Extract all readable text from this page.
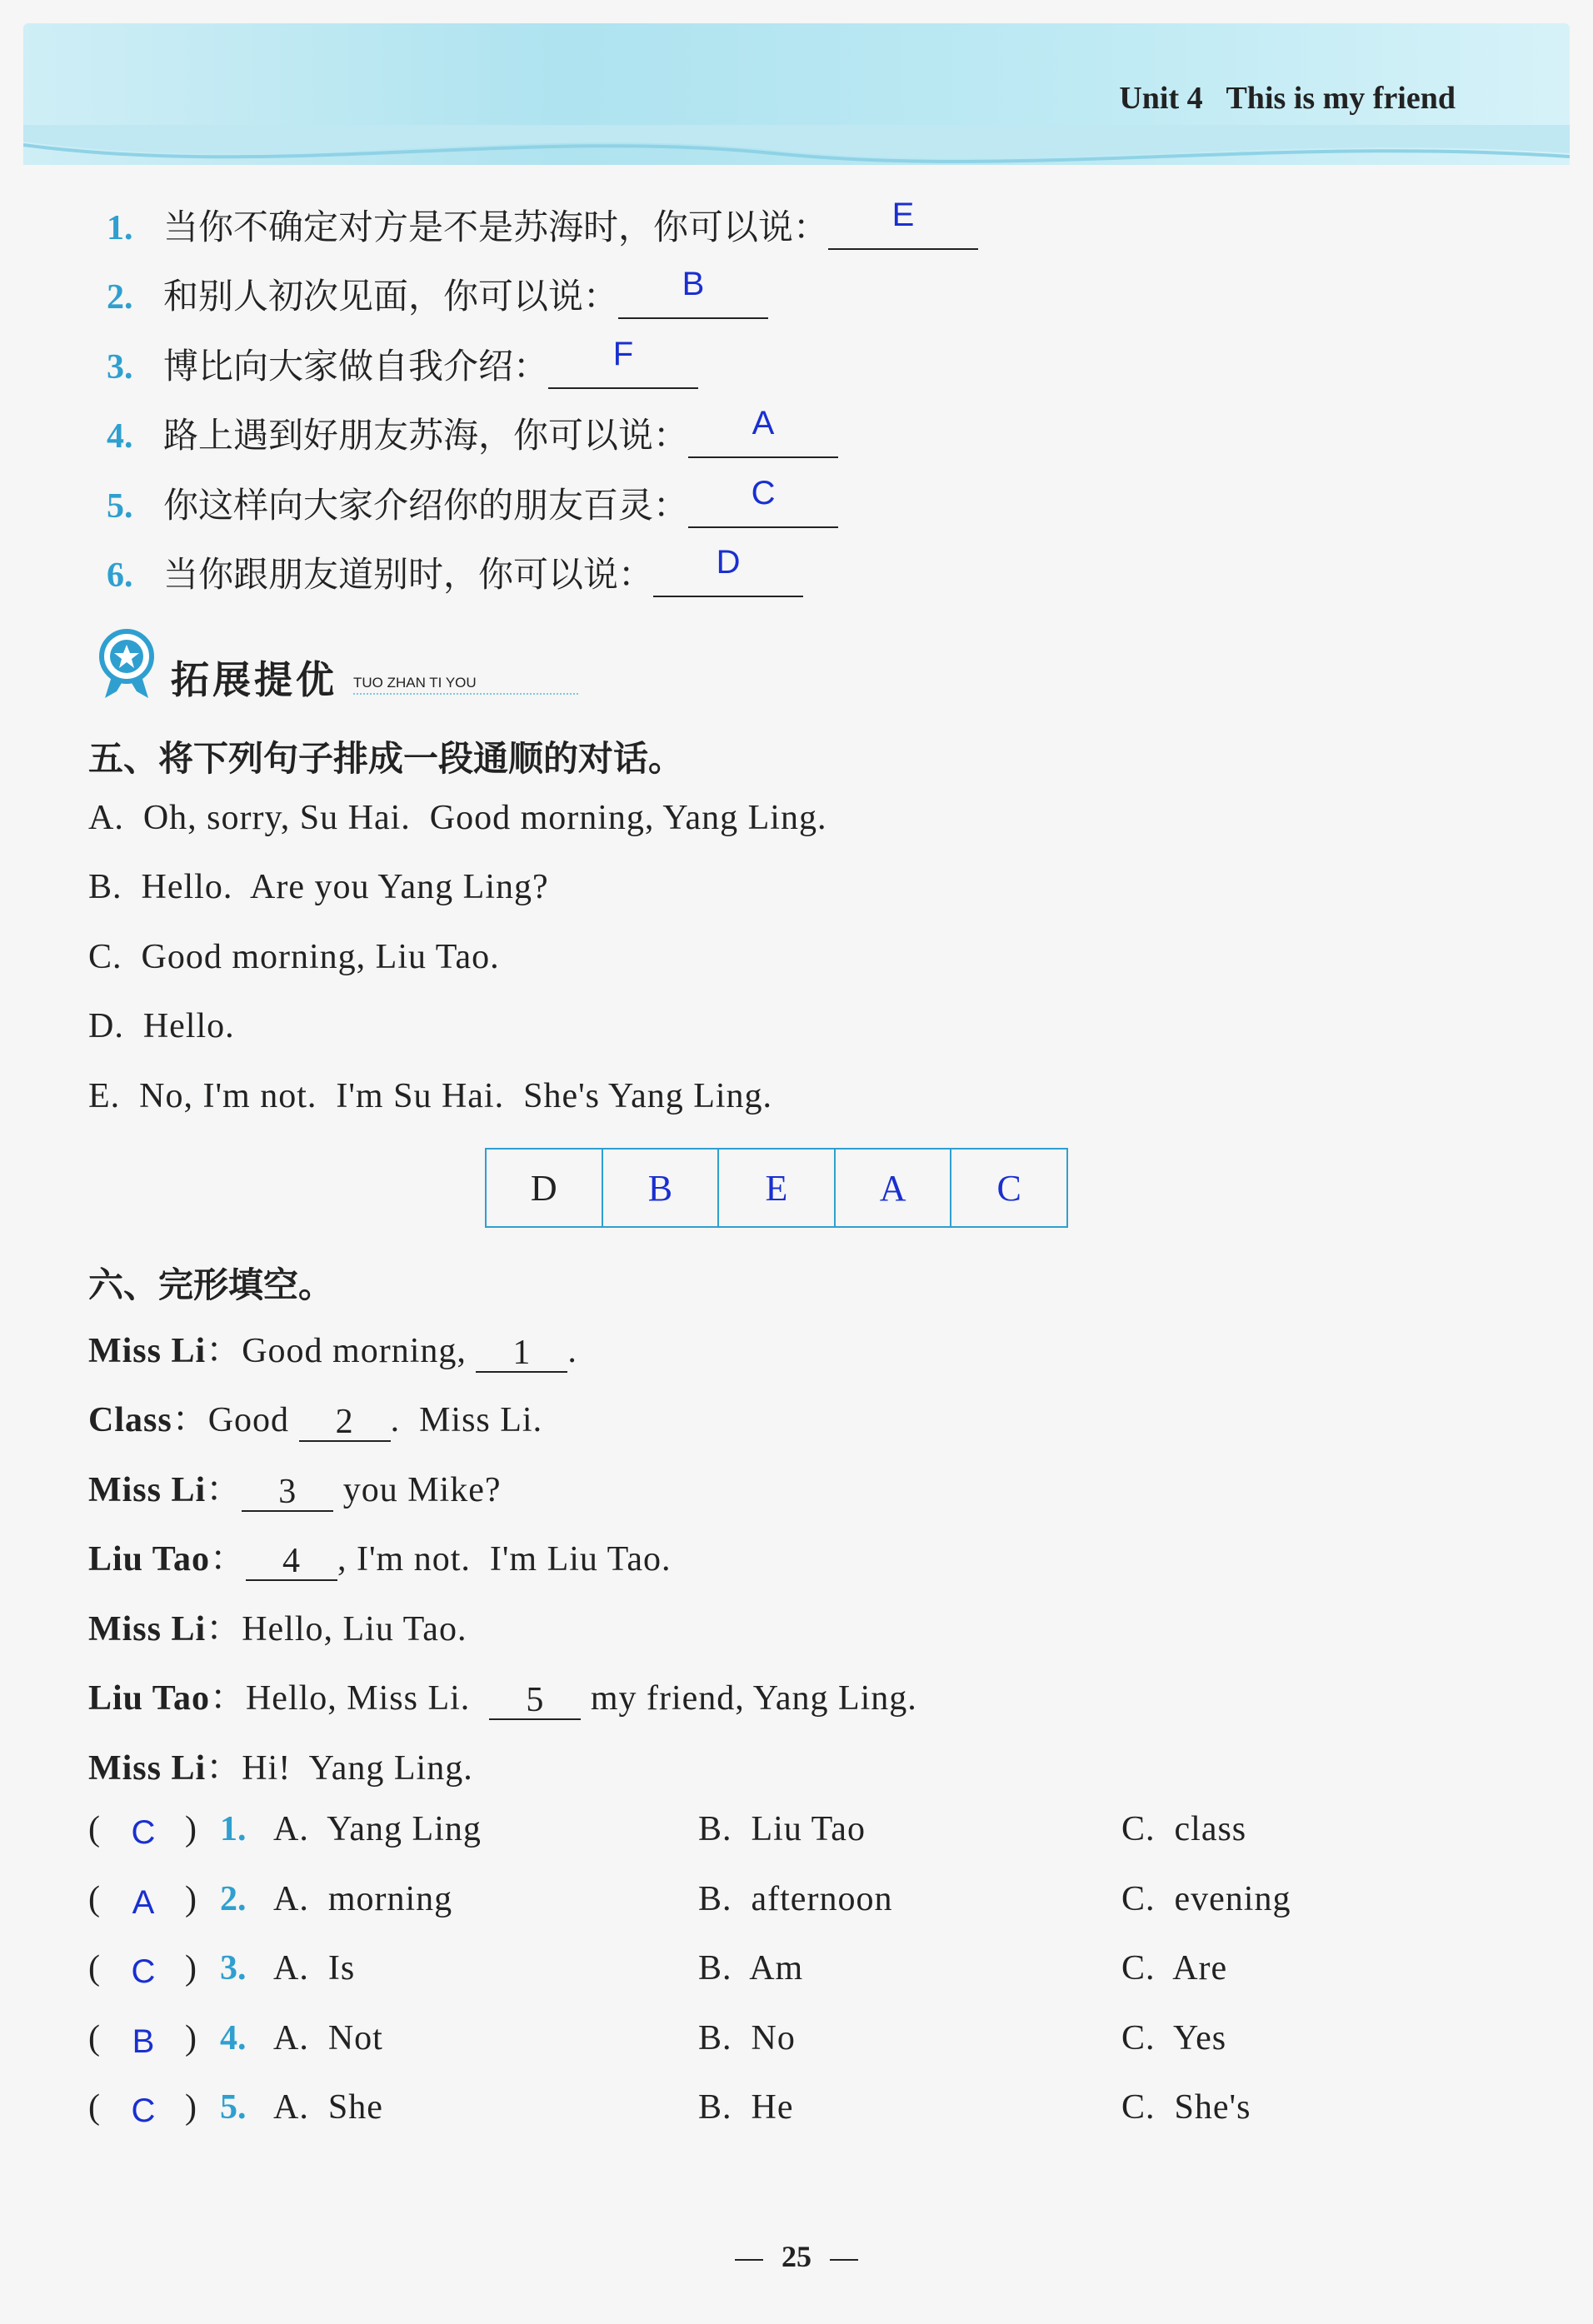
Unit 4   This is my friend
1. 当你不确定对方是不是苏海时，你可以说：	E
2. 和别人初次见面，你可以说：	B
3. 博比向大家做自我介绍：	F
4. 路上遇到好朋友苏海，你可以说：	A
5. 你这样向大家介绍你的朋友百灵：	C
6. 当你跟朋友道别时，你可以说：	D
拓展提优 TUO ZHAN TI YOU
五、将下列句子排成一段通顺的对话。
A.  Oh, sorry, Su Hai.  Good morning, Yang Ling.
B.  Hello.  Are you Yang Ling?
C.  Good morning, Liu Tao.
D.  Hello.
E.  No, I'm not.  I'm Su Hai.  She's Yang Ling.
D	B	E	A	C
六、完形填空。
Miss Li：Good morning, 1 .
Class：Good 2 .  Miss Li.
Miss Li： 3 you Mike?
Liu Tao： 4 , I'm not.  I'm Liu Tao.
Miss Li：Hello, Liu Tao.
Liu Tao：Hello, Miss Li.  5 my friend, Yang Ling.
Miss Li：Hi!  Yang Ling.
( C ) 1. A.  Yang Ling	B.  Liu Tao	C.  class
( A ) 2. A.  morning	B.  afternoon	C.  evening
( C ) 3. A.  Is	B.  Am	C.  Are
( B ) 4. A.  Not	B.  No	C.  Yes
( C ) 5. A.  She	B.  He	C.  She's
25
